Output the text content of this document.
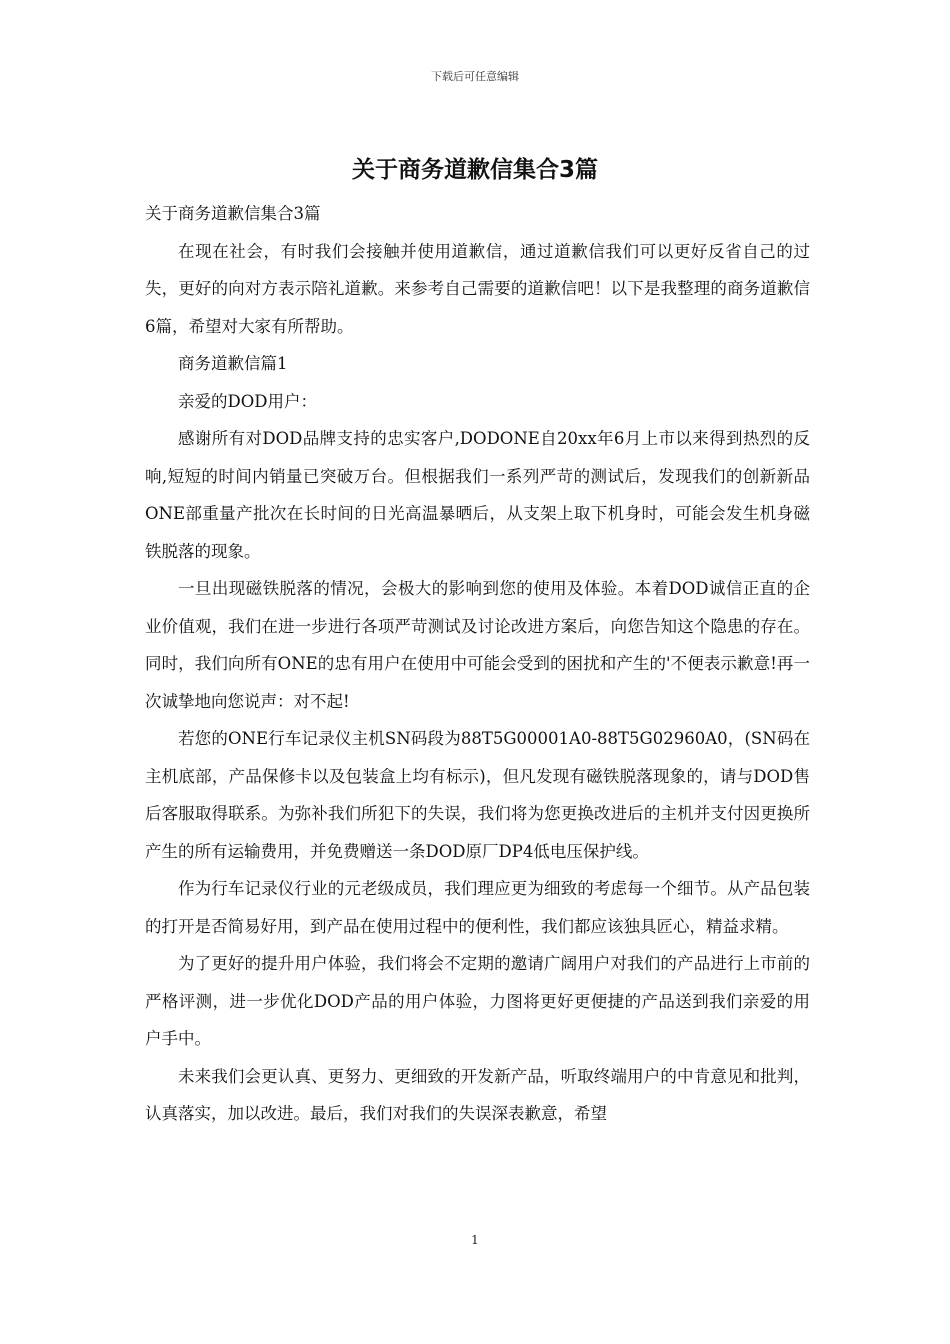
下载后可任意编辑
关于商务道歉信集合3篇

关于商务道歉信集合3篇

在现在社会，有时我们会接触并使用道歉信，通过道歉信我们可以更好反省自己的过失，更好的向对方表示陪礼道歉。来参考自己需要的道歉信吧！以下是我整理的商务道歉信6篇，希望对大家有所帮助。

商务道歉信篇1

亲爱的DOD用户：

感谢所有对DOD品牌支持的忠实客户,DODONE自20xx年6月上市以来得到热烈的反响,短短的时间内销量已突破万台。但根据我们一系列严苛的测试后，发现我们的创新新品ONE部重量产批次在长时间的日光高温暴晒后，从支架上取下机身时，可能会发生机身磁铁脱落的现象。

一旦出现磁铁脱落的情况，会极大的影响到您的使用及体验。本着DOD诚信正直的企业价值观，我们在进一步进行各项严苛测试及讨论改进方案后，向您告知这个隐患的存在。同时，我们向所有ONE的忠有用户在使用中可能会受到的困扰和产生的'不便表示歉意!再一次诚挚地向您说声：对不起!

若您的ONE行车记录仪主机SN码段为88T5G00001A0-88T5G02960A0，(SN码在主机底部，产品保修卡以及包装盒上均有标示)，但凡发现有磁铁脱落现象的，请与DOD售后客服取得联系。为弥补我们所犯下的失误，我们将为您更换改进后的主机并支付因更换所产生的所有运输费用，并免费赠送一条DOD原厂DP4低电压保护线。

作为行车记录仪行业的元老级成员，我们理应更为细致的考虑每一个细节。从产品包装的打开是否简易好用，到产品在使用过程中的便利性，我们都应该独具匠心，精益求精。

为了更好的提升用户体验，我们将会不定期的邀请广阔用户对我们的产品进行上市前的严格评测，进一步优化DOD产品的用户体验，力图将更好更便捷的产品送到我们亲爱的用户手中。

未来我们会更认真、更努力、更细致的开发新产品，听取终端用户的中肯意见和批判，认真落实，加以改进。最后，我们对我们的失误深表歉意，希望

1
